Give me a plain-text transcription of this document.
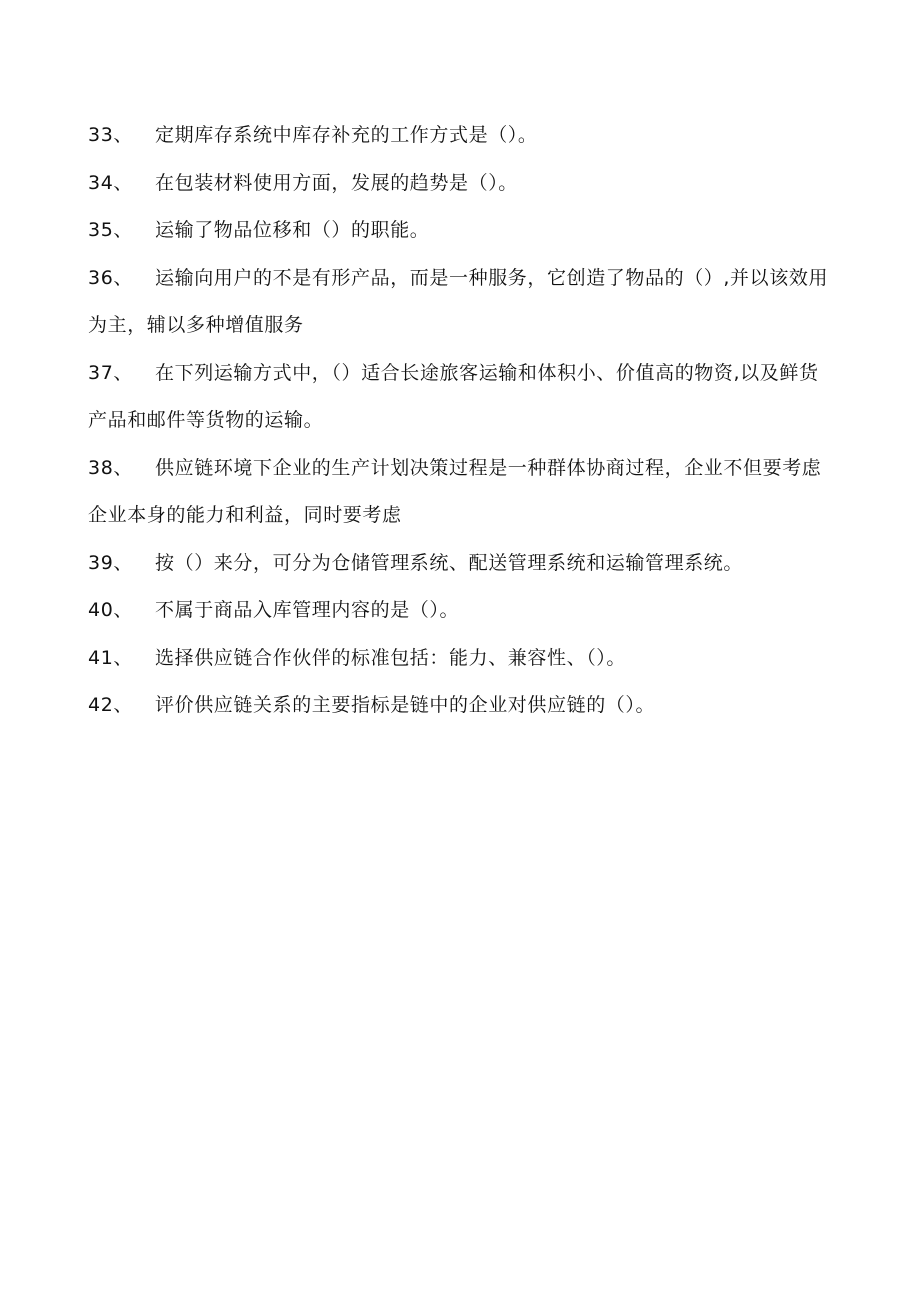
33、 定期库存系统中库存补充的工作方式是（）。

34、 在包装材料使用方面，发展的趋势是（）。

35、 运输了物品位移和（）的职能。

36、 运输向用户的不是有形产品，而是一种服务，它创造了物品的（）,并以该效用为主，辅以多种增值服务

37、 在下列运输方式中，（）适合长途旅客运输和体积小、价值高的物资,以及鲜货产品和邮件等货物的运输。

38、 供应链环境下企业的生产计划决策过程是一种群体协商过程，企业不但要考虑企业本身的能力和利益，同时要考虑

39、 按（）来分，可分为仓储管理系统、配送管理系统和运输管理系统。

40、 不属于商品入库管理内容的是（）。

41、 选择供应链合作伙伴的标准包括：能力、兼容性、（）。

42、 评价供应链关系的主要指标是链中的企业对供应链的（）。
